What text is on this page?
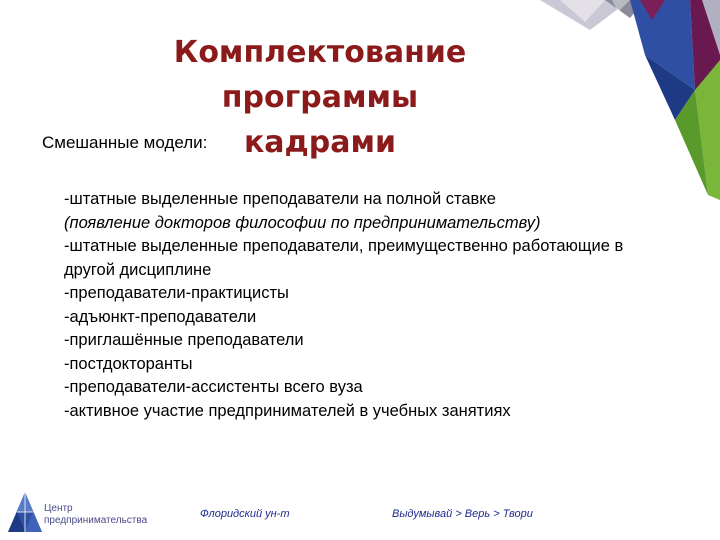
Комплектование программы
кадрами

Смешанные модели:

-штатные выделенные преподаватели на полной ставке
(появление докторов философии по предпринимательству)
-штатные выделенные преподаватели, преимущественно работающие в другой дисциплине
-преподаватели-практицисты
-адъюнкт-преподаватели
-приглашённые преподаватели
-постдокторанты
-преподаватели-ассистенты всего вуза
-активное участие предпринимателей в учебных занятиях
Центр
предпринимательства
Флоридский ун-т	Выдумывай > Верь > Твори
